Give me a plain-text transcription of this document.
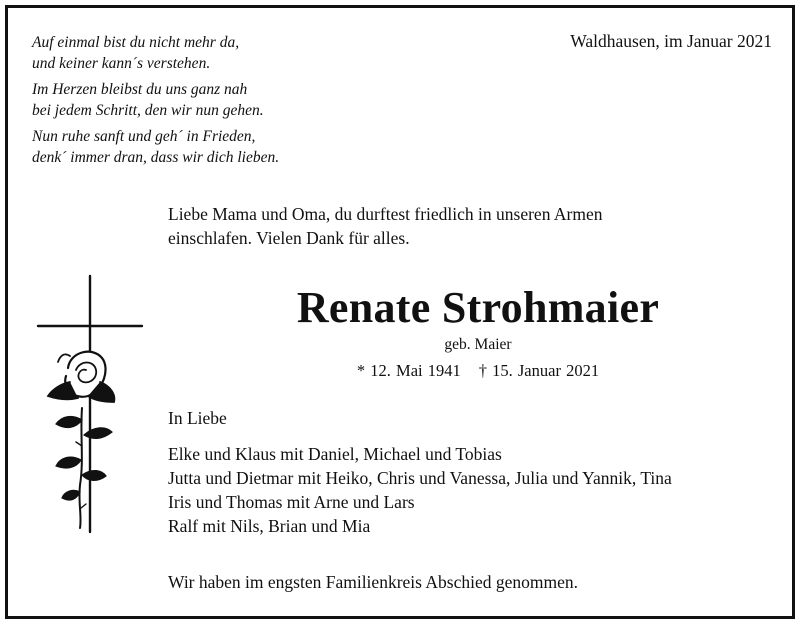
Auf einmal bist du nicht mehr da,
und keiner kann´s verstehen.
Im Herzen bleibst du uns ganz nah
bei jedem Schritt, den wir nun gehen.
Nun ruhe sanft und geh´ in Frieden,
denk´ immer dran, dass wir dich lieben.
Waldhausen, im Januar 2021
Liebe Mama und Oma, du durftest friedlich in unseren Armen
einschlafen. Vielen Dank für alles.
Renate Strohmaier
geb. Maier
* 12. Mai 1941 † 15. Januar 2021
In Liebe
Elke und Klaus mit Daniel, Michael und Tobias
Jutta und Dietmar mit Heiko, Chris und Vanessa, Julia und Yannik, Tina
Iris und Thomas mit Arne und Lars
Ralf mit Nils, Brian und Mia
Wir haben im engsten Familienkreis Abschied genommen.
